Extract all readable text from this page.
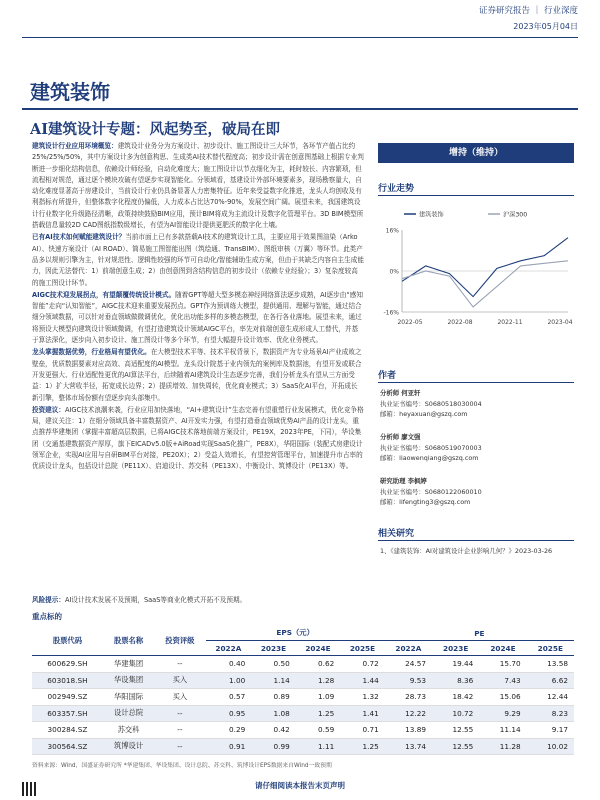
证券研究报告 ｜ 行业深度
2023年05月04日
建筑装饰
AI建筑设计专题：风起势至，破局在即

建筑设计行业应用环境概览：建筑设计业务分为方案设计、初步设计、施工图设计三大环节，各环节产值占比约25%/25%/50%，其中方案设计多为创意构思、生成类AI技术替代程度高；初步设计需在创意图基础上根据专业判断进一步细化结构信息，依赖设计师经验，自动化难度大；施工图设计以节点细化为主，耗时较长、内容繁琐，但流程相对规范，通过逐个模块攻破有望逐步实现智能化。分领域看，基建设计外部环境要素多，现场勘察量大，自动化难度显著高于房建设计，当前设计行业仍具备显著人力密集特征。近年来受益数字化推进，龙头人均创收及有利指标有所提升，但整体数字化程度仍偏低，人力成本占比达70%-90%，发展空间广阔。展望未来，我国建筑设计行业数字化升级路径清晰，政策持续鼓励BIM应用，预计BIM将成为主流设计及数字化管理平台。3D BIM模型所搭载信息量较2D CAD图纸指数级增长，有望为AI智能设计提供更肥沃的数字化土壤。

已有AI技术如何赋能建筑设计？当前市面上已有多款搭载AI技术的建筑设计工具，主要应用于效果图渲染（Arko AI）、快速方案设计（AI ROAD）、简易施工图智能出图（筑绘通、TransBIM）、图纸审核（万翼）等环节。此类产品多以规则引擎为主，针对规范性、逻辑性较强的环节可自动化/智能辅助生成方案，但由于其缺乏内容自主生成能力，因此无法替代：1）前端创意生成；2）由创意图到含结构信息的初步设计（依赖专业经验）；3）复杂度较高的施工图设计环节。

AIGC技术迎发展拐点，有望颠覆传统设计模式。随着GPT等超大型多模态神经网络算法逐步成熟，AI逐步由“感知智能”走向“认知智能”，AIGC技术迎来重要发展拐点。GPT作为预训练大模型，提供通用、理解与智能，通过结合细分领域数据，可以针对垂直领域做微调优化，优化出功能多样的多模态模型，在各行各业落地。展望未来，通过将预设大模型向建筑设计领域微调，有望打造建筑设计领域AIGC平台，率先对前端创意生成形成人工替代，并基于算法深化，逐步向入初步设计、施工图设计等多个环节，有望大幅提升设计效率、优化业务模式。

龙头掌握数据优势，行业格局有望优化。在大模型技术平等、技术平权背景下，数据资产为专业场景AI产业成败之壁垒，优质数据要素对应高效、高适配度的AI模型。龙头设计院基于业内领先的案例库及数据池，有望开发或联合开发更强大、行业适配性更优的AI算法平台，后续随着AI建筑设计生态逐步完善，我们分析龙头有望从三方面受益：1）扩大营收半径，拓宽成长边界；2）提质增效、加快周转，优化商业模式；3）SaaS化AI平台，开拓成长新引擎，整体市场份额有望逐步向头部集中。

投资建议：AIGC技术浪潮来袭，行业应用加快落地，“AI+建筑设计”生态完善有望重塑行业发展模式，优化竞争格局，建议关注：1）在细分领域具备丰富数据资产、AI开发实力强，有望打造垂直领域优势AI产品的设计龙头，重点推荐华建集团（掌握丰富超高层数据，已将AIGC技术落地前端方案设计，PE19X，2023年PE，下同），华设集团（交通基建数据资产厚厚，旗下EICADv5.0版+AiRoad实现SaaS化推广，PE8X），华阳国际（装配式房建设计领军企业，实现AI应用与自研BIM平台对接，PE20X）；2）受益人效增长，有望控营管理平台，加速提升市占率的优质设计龙头，包括设计总院（PE11X）、启迪设计、苏交科（PE13X）、中衡设计、筑博设计（PE13X）等。

增持（维持）
行业走势
16%
0%
-16%
2022-05	2022-08	2022-11	2023-04
建筑装饰	沪深300
作者
分析师 何亚轩
执业证书编号：S0680518030004
邮箱：heyaxuan@gszq.com
分析师 廖文强
执业证书编号：S0680519070003
邮箱：liaowenqiang@gszq.com
研究助理 李枫婷
执业证书编号：S0680122060010
邮箱：lifengting3@gszq.com
相关研究
1、《建筑装饰：AI对建筑设计企业影响几何？》2023-03-26
风险提示：AI设计技术发展不及预期，SaaS等商业化模式开拓不及预期。
重点标的
股票代码	股票名称	投资评级	EPS（元）				PE			
			2022A	2023E	2024E	2025E	2022A	2023E	2024E	2025E
600629.SH	华建集团	--	0.40	0.50	0.62	0.72	24.57	19.44	15.70	13.58
603018.SH	华设集团	买入	1.00	1.14	1.28	1.44	9.53	8.36	7.43	6.62
002949.SZ	华阳国际	买入	0.57	0.89	1.09	1.32	28.73	18.42	15.06	12.44
603357.SH	设计总院	--	0.95	1.08	1.25	1.41	12.22	10.72	9.29	8.23
300284.SZ	苏交科	--	0.29	0.42	0.59	0.71	13.89	12.55	11.14	9.17
300564.SZ	筑博设计	--	0.91	0.99	1.11	1.25	13.74	12.55	11.28	10.02
资料来源：Wind，国盛证券研究所 *华建集团、华设集团、设计总院、苏交科、筑博设计EPS数据来自Wind一致预期
请仔细阅读本报告末页声明
